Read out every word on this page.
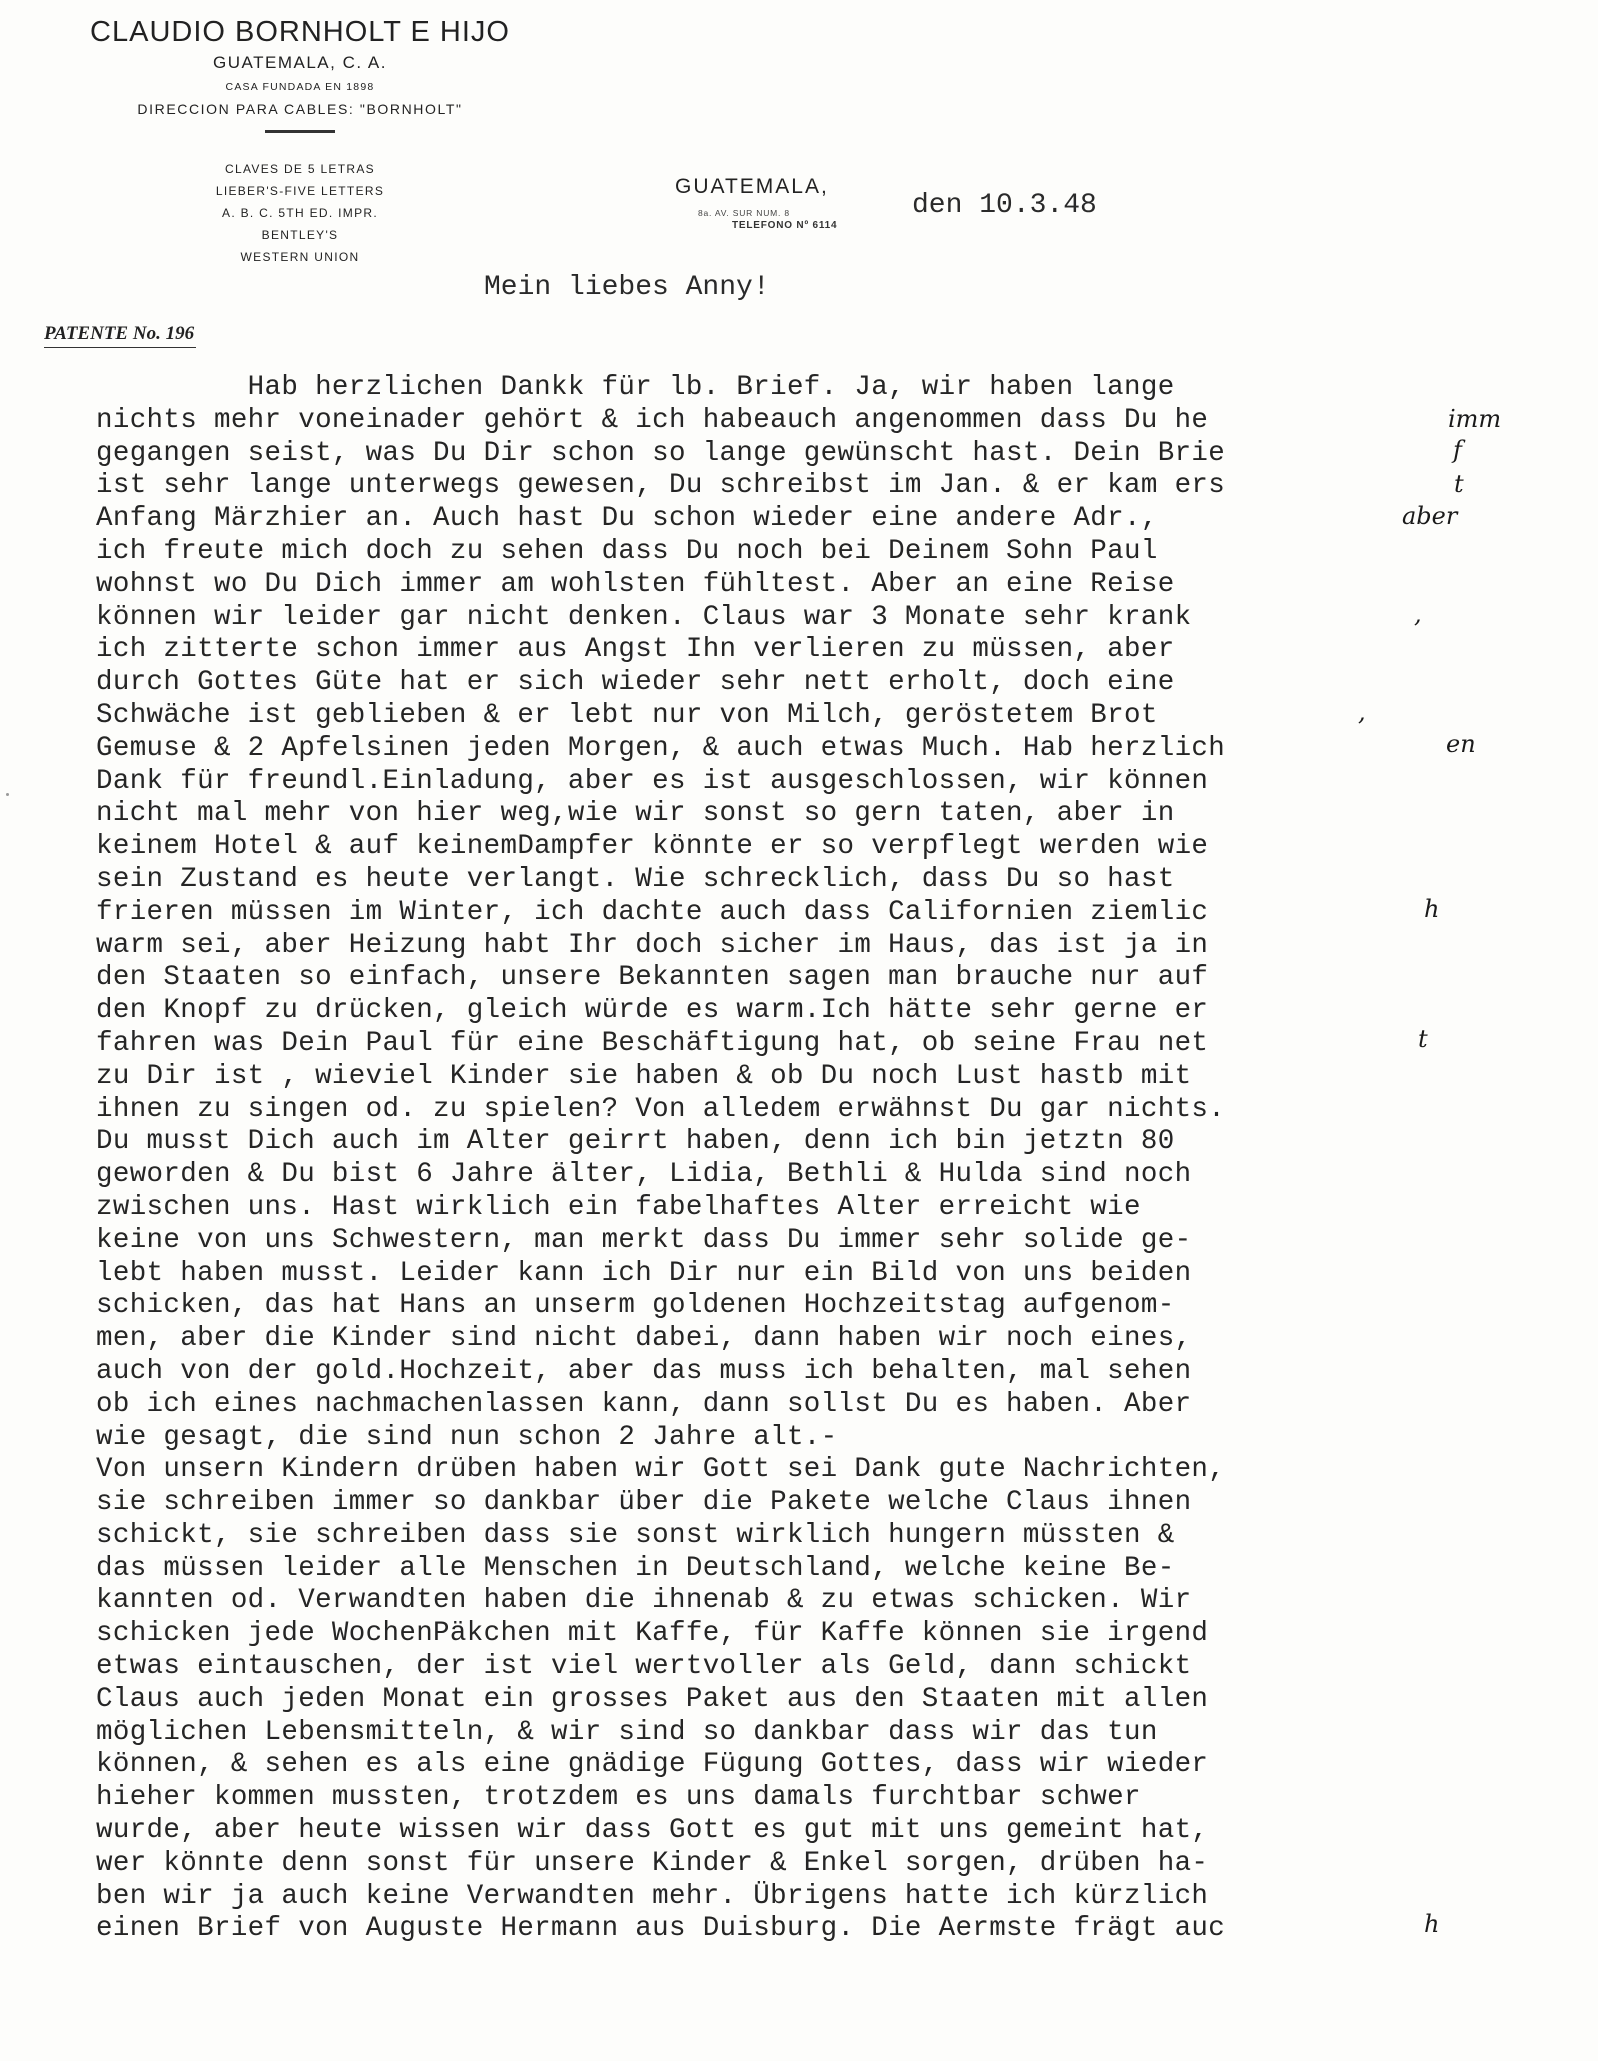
CLAUDIO BORNHOLT E HIJO
GUATEMALA, C. A.
CASA FUNDADA EN 1898
DIRECCION PARA CABLES: "BORNHOLT"
CLAVES DE 5 LETRAS
LIEBER'S-FIVE LETTERS
A. B. C. 5TH ED. IMPR.
BENTLEY'S
WESTERN UNION
GUATEMALA,
8a. AV. SUR NUM. 8
TELEFONO Nº 6114
den 10.3.48
Mein liebes Anny!
PATENTE No. 196
Hab herzlichen Dankk für lb. Brief. Ja, wir haben lange
nichts mehr voneinader gehört & ich habeauch angenommen dass Du he
gegangen seist, was Du Dir schon so lange gewünscht hast. Dein Brie
ist sehr lange unterwegs gewesen, Du schreibst im Jan. & er kam ers
Anfang Märzhier an. Auch hast Du schon wieder eine andere Adr.,
ich freute mich doch zu sehen dass Du noch bei Deinem Sohn Paul
wohnst wo Du Dich immer am wohlsten fühltest. Aber an eine Reise
können wir leider gar nicht denken. Claus war 3 Monate sehr krank
ich zitterte schon immer aus Angst Ihn verlieren zu müssen, aber
durch Gottes Güte hat er sich wieder sehr nett erholt, doch eine
Schwäche ist geblieben & er lebt nur von Milch, geröstetem Brot
Gemuse & 2 Apfelsinen jeden Morgen, & auch etwas Much. Hab herzlich
Dank für freundl.Einladung, aber es ist ausgeschlossen, wir können
nicht mal mehr von hier weg,wie wir sonst so gern taten, aber in
keinem Hotel & auf keinemDampfer könnte er so verpflegt werden wie
sein Zustand es heute verlangt. Wie schrecklich, dass Du so hast
frieren müssen im Winter, ich dachte auch dass Californien ziemlic
warm sei, aber Heizung habt Ihr doch sicher im Haus, das ist ja in
den Staaten so einfach, unsere Bekannten sagen man brauche nur auf
den Knopf zu drücken, gleich würde es warm.Ich hätte sehr gerne er
fahren was Dein Paul für eine Beschäftigung hat, ob seine Frau net
zu Dir ist , wieviel Kinder sie haben & ob Du noch Lust hastb mit
ihnen zu singen od. zu spielen? Von alledem erwähnst Du gar nichts.
Du musst Dich auch im Alter geirrt haben, denn ich bin jetztn 80
geworden & Du bist 6 Jahre älter, Lidia, Bethli & Hulda sind noch
zwischen uns. Hast wirklich ein fabelhaftes Alter erreicht wie
keine von uns Schwestern, man merkt dass Du immer sehr solide ge-
lebt haben musst. Leider kann ich Dir nur ein Bild von uns beiden
schicken, das hat Hans an unserm goldenen Hochzeitstag aufgenom-
men, aber die Kinder sind nicht dabei, dann haben wir noch eines,
auch von der gold.Hochzeit, aber das muss ich behalten, mal sehen
ob ich eines nachmachenlassen kann, dann sollst Du es haben. Aber
wie gesagt, die sind nun schon 2 Jahre alt.-
Von unsern Kindern drüben haben wir Gott sei Dank gute Nachrichten,
sie schreiben immer so dankbar über die Pakete welche Claus ihnen
schickt, sie schreiben dass sie sonst wirklich hungern müssten &
das müssen leider alle Menschen in Deutschland, welche keine Be-
kannten od. Verwandten haben die ihnenab & zu etwas schicken. Wir
schicken jede WochenPäkchen mit Kaffe, für Kaffe können sie irgend
etwas eintauschen, der ist viel wertvoller als Geld, dann schickt
Claus auch jeden Monat ein grosses Paket aus den Staaten mit allen
möglichen Lebensmitteln, & wir sind so dankbar dass wir das tun
können, & sehen es als eine gnädige Fügung Gottes, dass wir wieder
hieher kommen mussten, trotzdem es uns damals furchtbar schwer
wurde, aber heute wissen wir dass Gott es gut mit uns gemeint hat,
wer könnte denn sonst für unsere Kinder & Enkel sorgen, drüben ha-
ben wir ja auch keine Verwandten mehr. Übrigens hatte ich kürzlich
einen Brief von Auguste Hermann aus Duisburg. Die Aermste frägt auc
imm
f
t
aber
,
,
en
h
t
h
